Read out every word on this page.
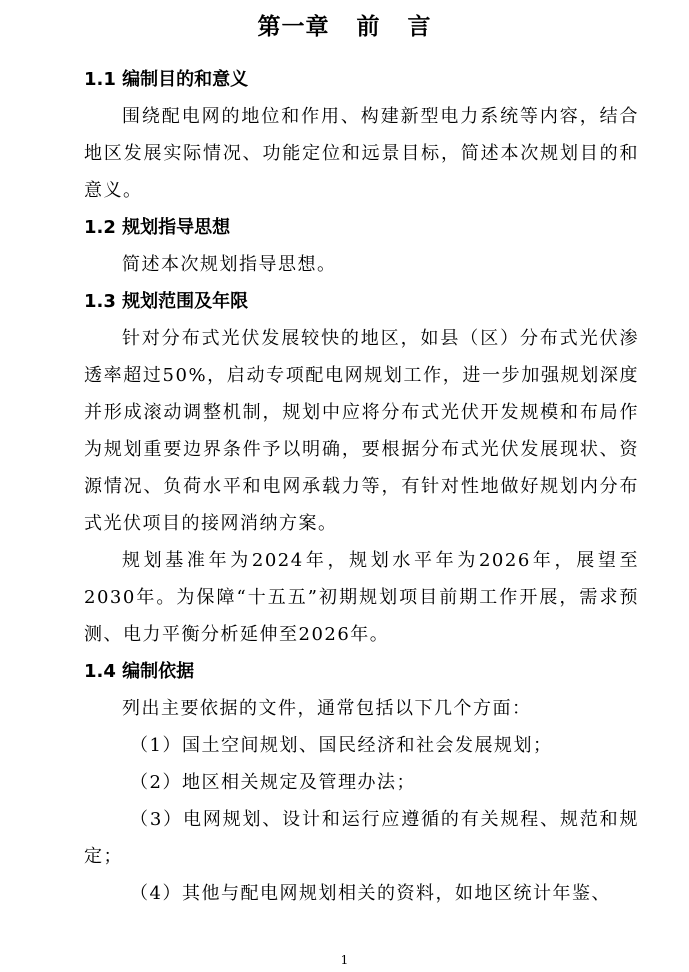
第一章   前   言
1.1 编制目的和意义

围绕配电网的地位和作用、构建新型电力系统等内容，结合地区发展实际情况、功能定位和远景目标，简述本次规划目的和意义。

1.2 规划指导思想

简述本次规划指导思想。

1.3 规划范围及年限

针对分布式光伏发展较快的地区，如县（区）分布式光伏渗透率超过50%，启动专项配电网规划工作，进一步加强规划深度并形成滚动调整机制，规划中应将分布式光伏开发规模和布局作为规划重要边界条件予以明确，要根据分布式光伏发展现状、资源情况、负荷水平和电网承载力等，有针对性地做好规划内分布式光伏项目的接网消纳方案。

规划基准年为2024年，规划水平年为2026年，展望至2030年。为保障“十五五”初期规划项目前期工作开展，需求预测、电力平衡分析延伸至2026年。

1.4 编制依据

列出主要依据的文件，通常包括以下几个方面：

（1）国土空间规划、国民经济和社会发展规划；

（2）地区相关规定及管理办法；

（3）电网规划、设计和运行应遵循的有关规程、规范和规定；

（4）其他与配电网规划相关的资料，如地区统计年鉴、

1
